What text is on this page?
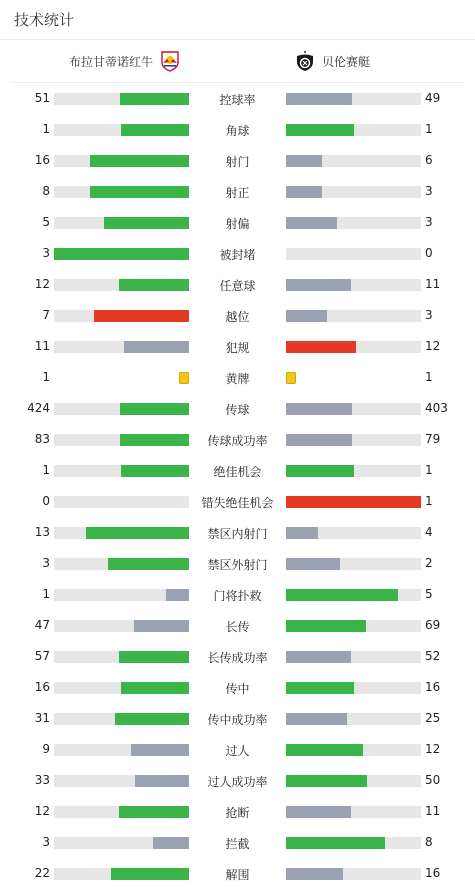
技术统计
布拉甘蒂诺红牛	贝伦赛艇
51	控球率	49
1	角球	1
16	射门	6
8	射正	3
5	射偏	3
3	被封堵	0
12	任意球	11
7	越位	3
11	犯规	12
1	黄牌	1
424	传球	403
83	传球成功率	79
1	绝佳机会	1
0	错失绝佳机会	1
13	禁区内射门	4
3	禁区外射门	2
1	门将扑救	5
47	长传	69
57	长传成功率	52
16	传中	16
31	传中成功率	25
9	过人	12
33	过人成功率	50
12	抢断	11
3	拦截	8
22	解围	16
